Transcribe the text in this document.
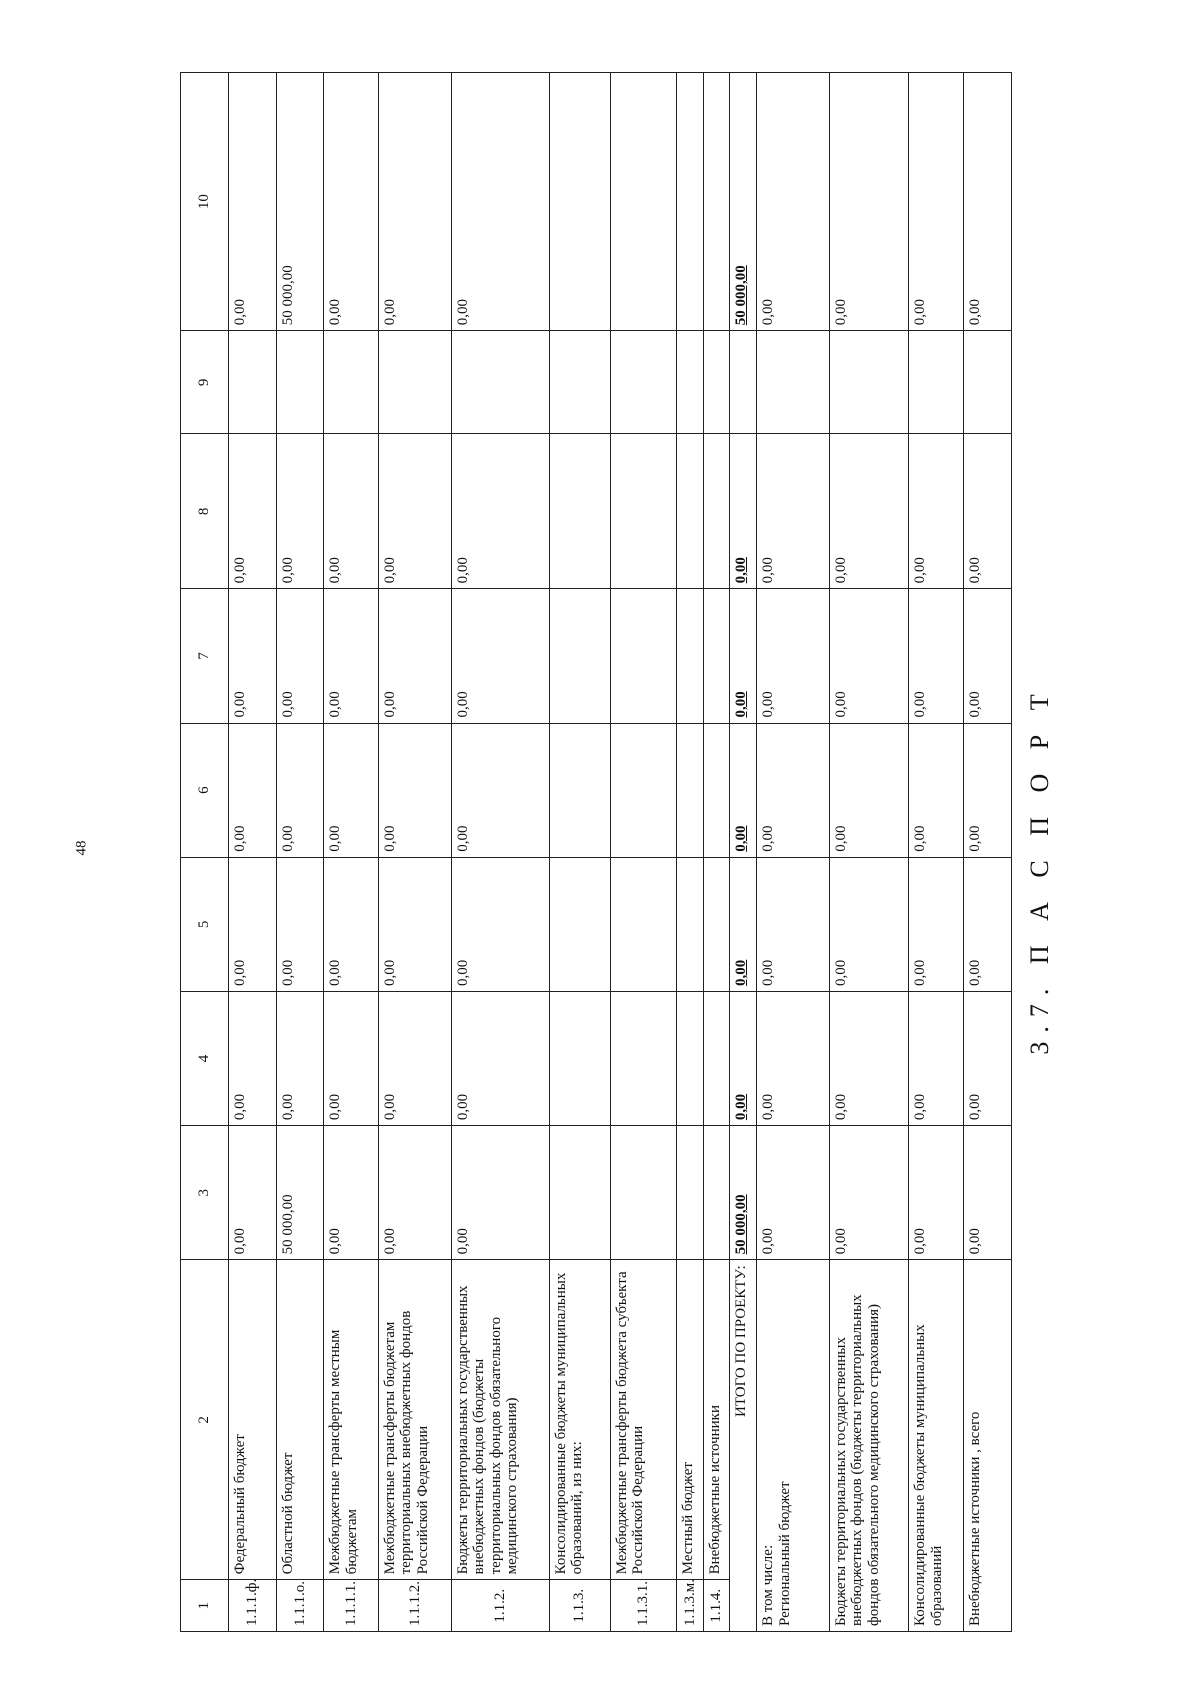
48
1	2	3	4	5	6	7	8	9	10
1.1.1.ф.	Федеральный бюджет	0,00	0,00	0,00	0,00	0,00	0,00		0,00
1.1.1.о.	Областной бюджет	50 000,00	0,00	0,00	0,00	0,00	0,00		50 000,00
1.1.1.1.	Межбюджетные трансферты местным бюджетам	0,00	0,00	0,00	0,00	0,00	0,00		0,00
1.1.1.2.	Межбюджетные трансферты бюджетам территориальных внебюджетных фондов Российской Федерации	0,00	0,00	0,00	0,00	0,00	0,00		0,00
1.1.2.	Бюджеты территориальных государственных внебюджетных фондов (бюджеты территориальных фондов обязательного медицинского страхования)	0,00	0,00	0,00	0,00	0,00	0,00		0,00
1.1.3.	Консолидированные бюджеты муниципальных образований, из них:								
1.1.3.1.	Межбюджетные трансферты бюджета субъекта Российской Федерации								
1.1.3.м.	Местный бюджет								
1.1.4.	Внебюджетные источники								
ИТОГО ПО ПРОЕКТУ:		50 000,00	0,00	0,00	0,00	0,00	0,00		50 000,00

В том числе: Региональный бюджет		0,00	0,00	0,00	0,00	0,00	0,00		0,00

Бюджеты территориальных государственных внебюджетных фондов (бюджеты территориальных фондов обязательного медицинского страхования)		0,00	0,00	0,00	0,00	0,00	0,00		0,00

Консолидированные бюджеты муниципальных образований		0,00	0,00	0,00	0,00	0,00	0,00		0,00

Внебюджетные источники , всего		0,00	0,00	0,00	0,00	0,00	0,00		0,00
3.7. П А С П О Р Т
